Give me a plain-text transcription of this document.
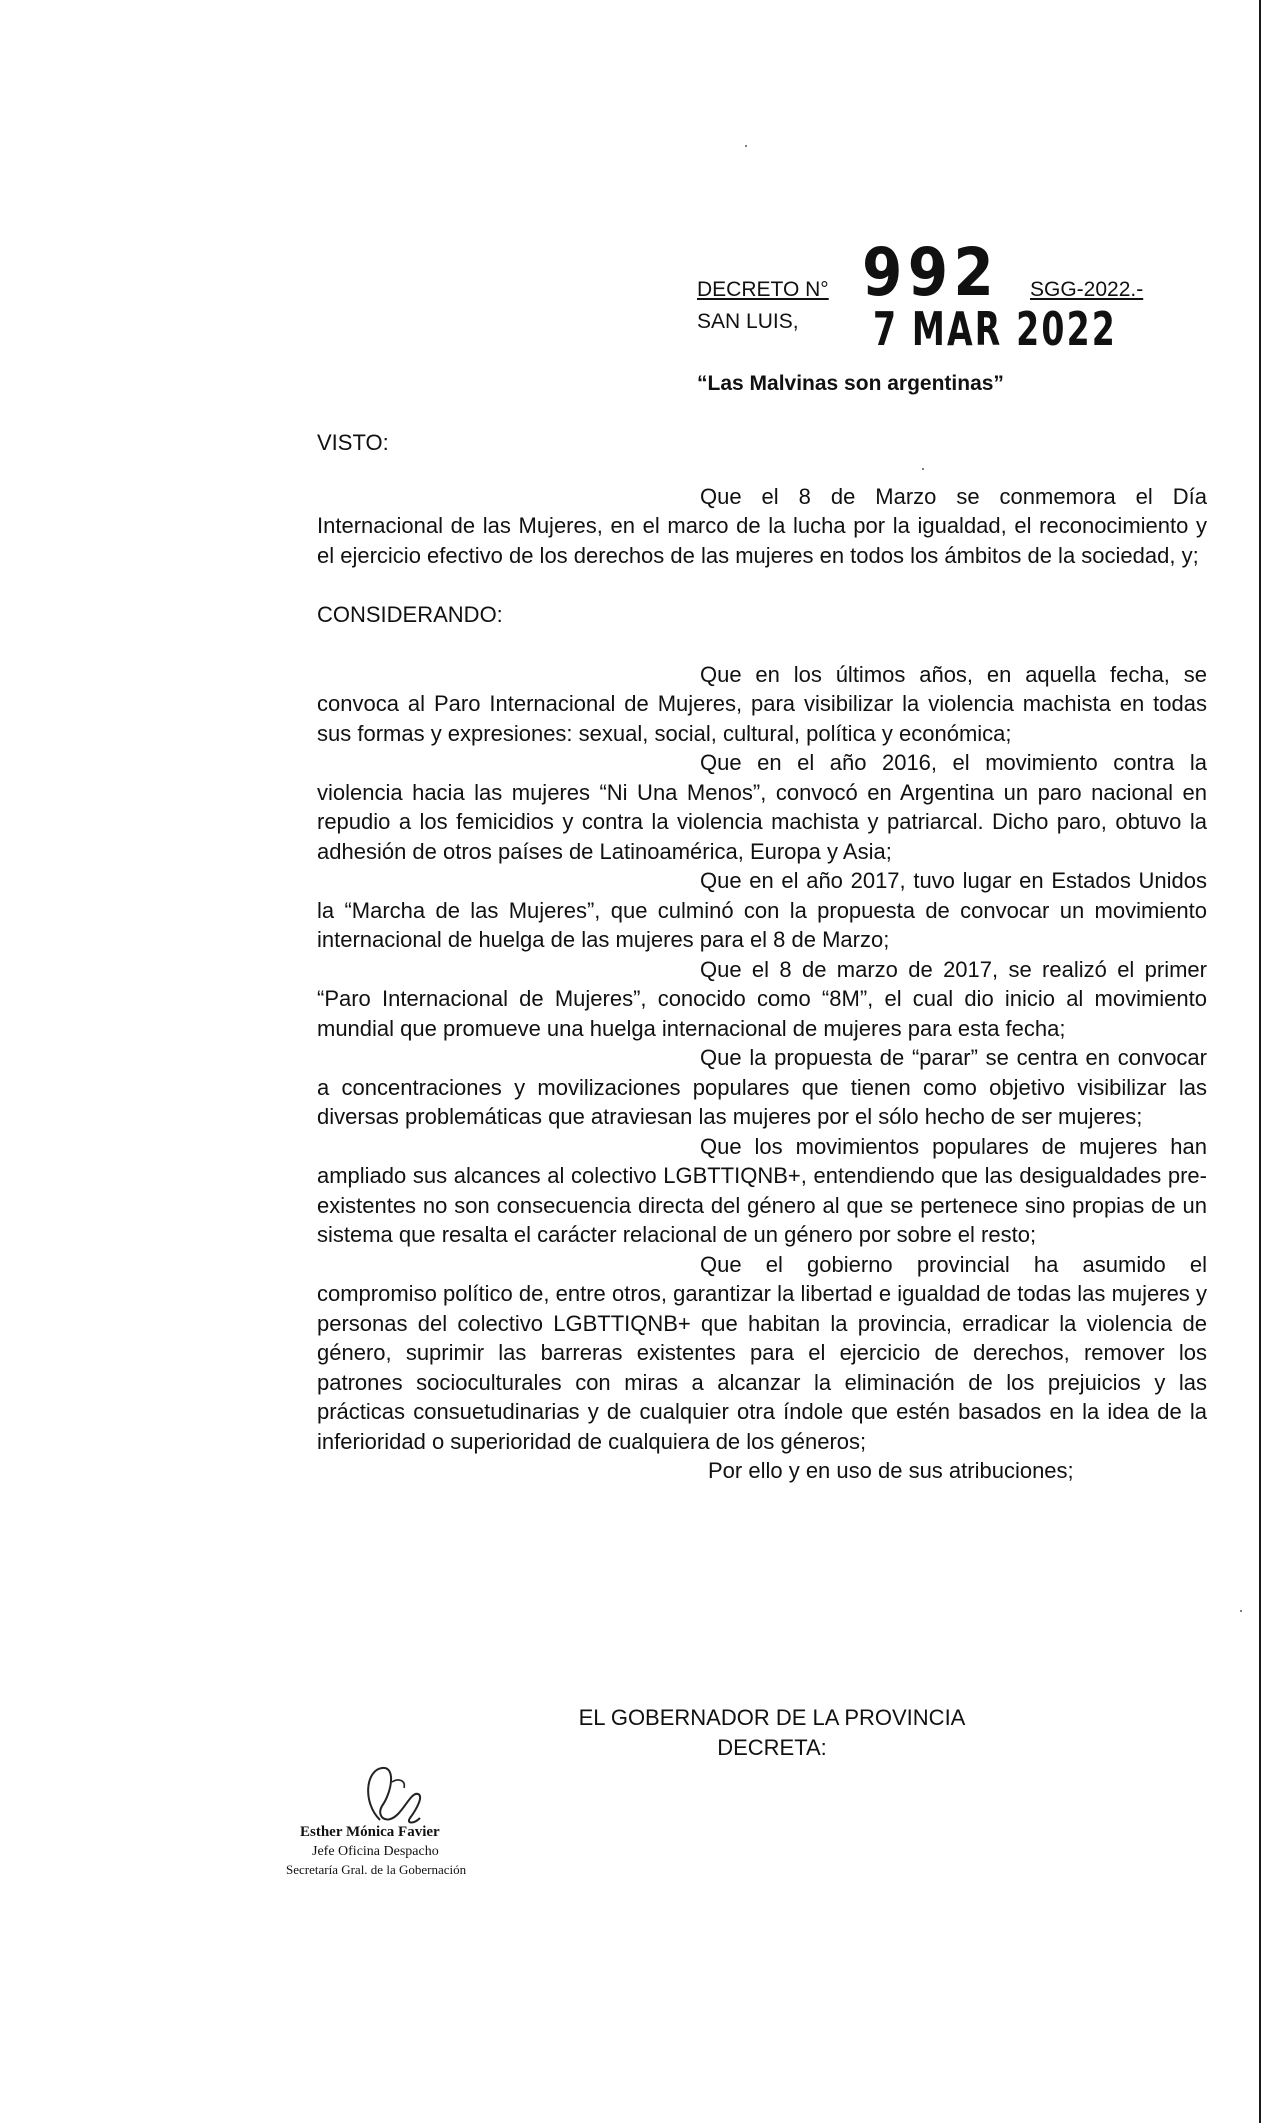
DECRETO N° 992 SGG-2022.-
SAN LUIS, 7 MAR 2022
“Las Malvinas son argentinas”

VISTO:

Que el 8 de Marzo se conmemora el Día Internacional de las Mujeres, en el marco de la lucha por la igualdad, el reconocimiento y el ejercicio efectivo de los derechos de las mujeres en todos los ámbitos de la sociedad, y;

CONSIDERANDO:

Que en los últimos años, en aquella fecha, se convoca al Paro Internacional de Mujeres, para visibilizar la violencia machista en todas sus formas y expresiones: sexual, social, cultural, política y económica;

Que en el año 2016, el movimiento contra la violencia hacia las mujeres “Ni Una Menos”, convocó en Argentina un paro nacional en repudio a los femicidios y contra la violencia machista y patriarcal. Dicho paro, obtuvo la adhesión de otros países de Latinoamérica, Europa y Asia;

Que en el año 2017, tuvo lugar en Estados Unidos la “Marcha de las Mujeres”, que culminó con la propuesta de convocar un movimiento internacional de huelga de las mujeres para el 8 de Marzo;

Que el 8 de marzo de 2017, se realizó el primer “Paro Internacional de Mujeres”, conocido como “8M”, el cual dio inicio al movimiento mundial que promueve una huelga internacional de mujeres para esta fecha;

Que la propuesta de “parar” se centra en convocar a concentraciones y movilizaciones populares que tienen como objetivo visibilizar las diversas problemáticas que atraviesan las mujeres por el sólo hecho de ser mujeres;

Que los movimientos populares de mujeres han ampliado sus alcances al colectivo LGBTTIQNB+, entendiendo que las desigualdades pre-existentes no son consecuencia directa del género al que se pertenece sino propias de un sistema que resalta el carácter relacional de un género por sobre el resto;

Que el gobierno provincial ha asumido el compromiso político de, entre otros, garantizar la libertad e igualdad de todas las mujeres y personas del colectivo LGBTTIQNB+ que habitan la provincia, erradicar la violencia de género, suprimir las barreras existentes para el ejercicio de derechos, remover los patrones socioculturales con miras a alcanzar la eliminación de los prejuicios y las prácticas consuetudinarias y de cualquier otra índole que estén basados en la idea de la inferioridad o superioridad de cualquiera de los géneros;

Por ello y en uso de sus atribuciones;

EL GOBERNADOR DE LA PROVINCIA
DECRETA:
Esther Mónica Favier
Jefe Oficina Despacho
Secretaría Gral. de la Gobernación
